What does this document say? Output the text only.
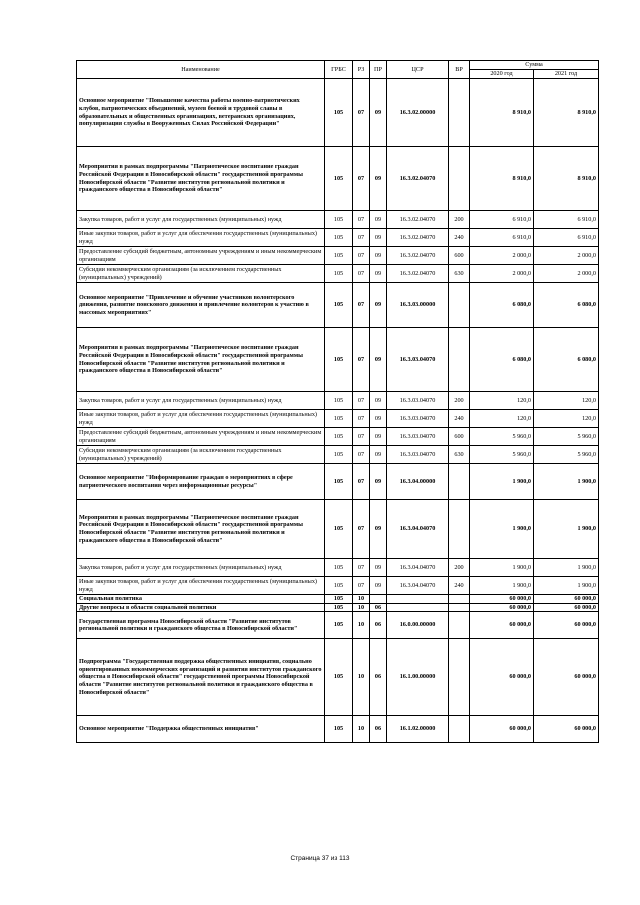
Наименование	ГРБС	РЗ	ПР	ЦСР	ВР	Сумма	
						2020 год	2021 год
Основное мероприятие "Повышение качества работы военно-патриотических клубов, патриотических объединений, музеев боевой и трудовой славы в образовательных и общественных организациях, ветеранских организациях, популяризация службы в Вооруженных Силах Российской Федерации"	105	07	09	16.3.02.00000		8 910,0	8 910,0
Мероприятия в рамках подпрограммы "Патриотическое воспитание граждан Российской Федерации в Новосибирской области" государственной программы Новосибирской области "Развитие институтов региональной политики и гражданского общества в Новосибирской области"	105	07	09	16.3.02.04070		8 910,0	8 910,0
Закупка товаров, работ и услуг для государственных (муниципальных) нужд	105	07	09	16.3.02.04070	200	6 910,0	6 910,0
Иные закупки товаров, работ и услуг для обеспечения государственных (муниципальных) нужд	105	07	09	16.3.02.04070	240	6 910,0	6 910,0
Предоставление субсидий бюджетным, автономным учреждениям и иным некоммерческим организациям	105	07	09	16.3.02.04070	600	2 000,0	2 000,0
Субсидии некоммерческим организациям (за исключением государственных (муниципальных) учреждений)	105	07	09	16.3.02.04070	630	2 000,0	2 000,0
Основное мероприятие "Привлечение и обучение участников волонтерского движения, развитие поискового движения и привлечение волонтеров к участию в массовых мероприятиях"	105	07	09	16.3.03.00000		6 080,0	6 080,0
Мероприятия в рамках подпрограммы "Патриотическое воспитание граждан Российской Федерации в Новосибирской области" государственной программы Новосибирской области "Развитие институтов региональной политики и гражданского общества в Новосибирской области"	105	07	09	16.3.03.04070		6 080,0	6 080,0
Закупка товаров, работ и услуг для государственных (муниципальных) нужд	105	07	09	16.3.03.04070	200	120,0	120,0
Иные закупки товаров, работ и услуг для обеспечения государственных (муниципальных) нужд	105	07	09	16.3.03.04070	240	120,0	120,0
Предоставление субсидий бюджетным, автономным учреждениям и иным некоммерческим организациям	105	07	09	16.3.03.04070	600	5 960,0	5 960,0
Субсидии некоммерческим организациям (за исключением государственных (муниципальных) учреждений)	105	07	09	16.3.03.04070	630	5 960,0	5 960,0
Основное мероприятие "Информирование граждан о мероприятиях в сфере патриотического воспитания через информационные ресурсы"	105	07	09	16.3.04.00000		1 900,0	1 900,0
Мероприятия в рамках подпрограммы "Патриотическое воспитание граждан Российской Федерации в Новосибирской области" государственной программы Новосибирской области "Развитие институтов региональной политики и гражданского общества в Новосибирской области"	105	07	09	16.3.04.04070		1 900,0	1 900,0
Закупка товаров, работ и услуг для государственных (муниципальных) нужд	105	07	09	16.3.04.04070	200	1 900,0	1 900,0
Иные закупки товаров, работ и услуг для обеспечения государственных (муниципальных) нужд	105	07	09	16.3.04.04070	240	1 900,0	1 900,0
Социальная политика	105	10				60 000,0	60 000,0
Другие вопросы в области социальной политики	105	10	06			60 000,0	60 000,0
Государственная программа Новосибирской области "Развитие институтов региональной политики и гражданского общества в Новосибирской области"	105	10	06	16.0.00.00000		60 000,0	60 000,0
Подпрограмма "Государственная поддержка общественных инициатив, социально ориентированных некоммерческих организаций и развития институтов гражданского общества в Новосибирской области" государственной программы Новосибирской области "Развитие институтов региональной политики и гражданского общества в Новосибирской области"	105	10	06	16.1.00.00000		60 000,0	60 000,0
Основное мероприятие "Поддержка общественных инициатив"	105	10	06	16.1.02.00000		60 000,0	60 000,0
Страница 37 из 113
